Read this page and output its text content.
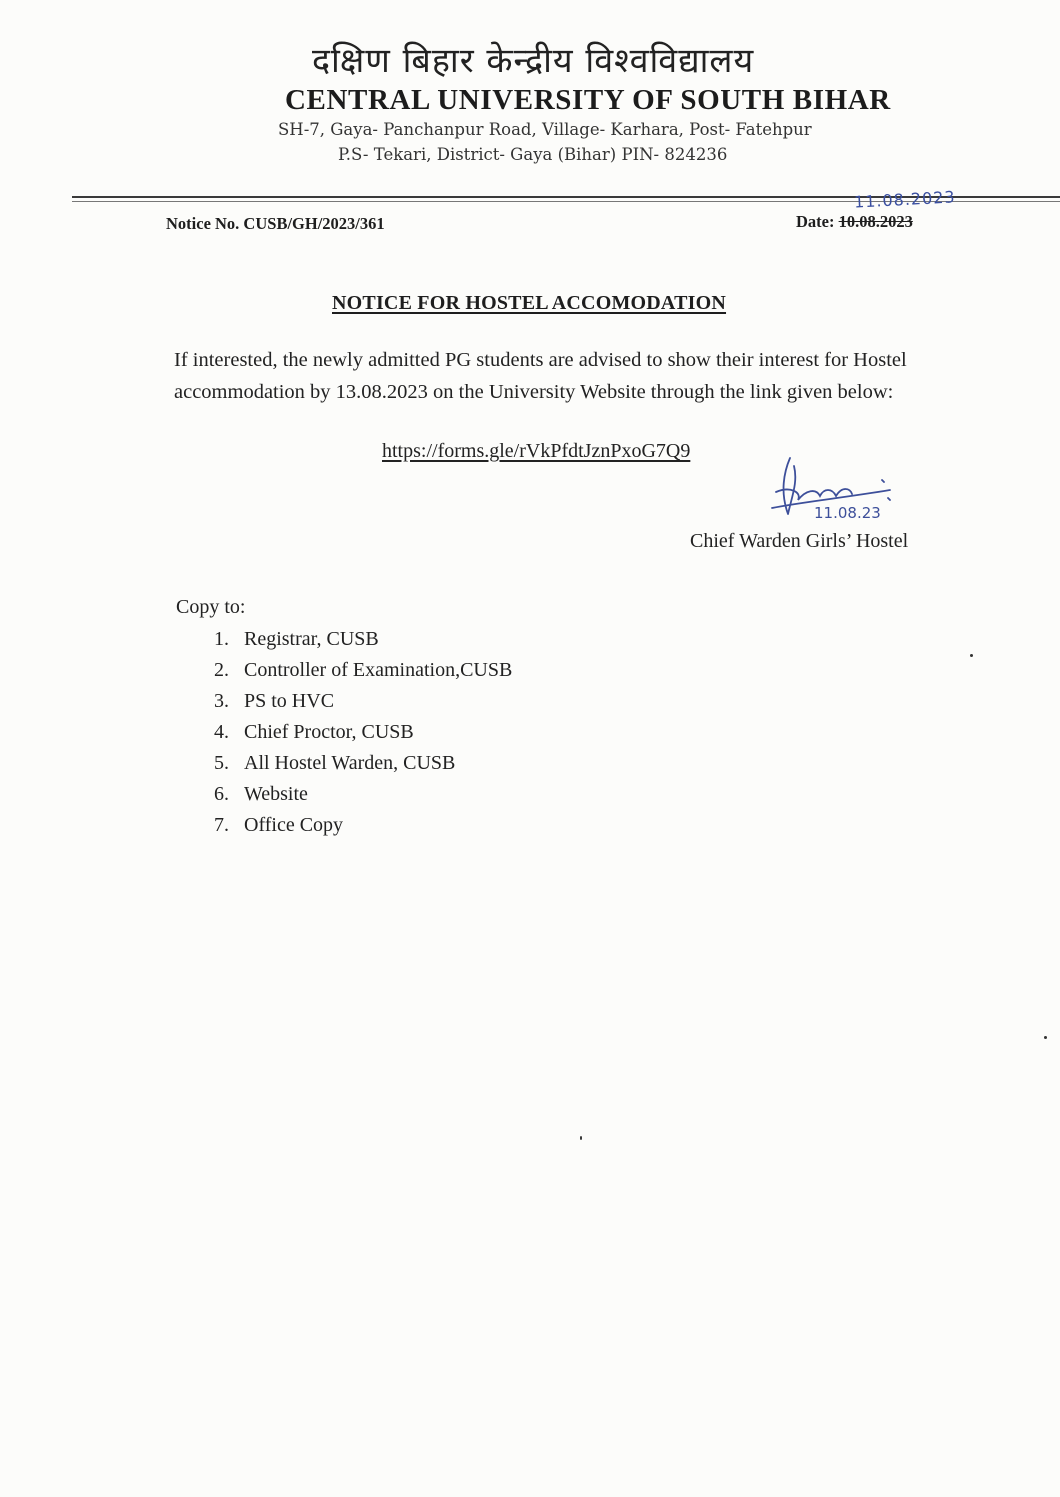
दक्षिण बिहार केन्द्रीय विश्वविद्यालय
CENTRAL UNIVERSITY OF SOUTH BIHAR
SH-7, Gaya- Panchanpur Road, Village- Karhara, Post- Fatehpur
P.S- Tekari, District- Gaya (Bihar) PIN- 824236
Notice No. CUSB/GH/2023/361
11.08.2023
Date: 10.08.2023
NOTICE FOR HOSTEL ACCOMODATION
If interested, the newly admitted PG students are advised to show their interest for Hostel accommodation by 13.08.2023 on the University Website through the link given below:
https://forms.gle/rVkPfdtJznPxoG7Q9
11.08.23
Chief Warden Girls’ Hostel
Copy to:
1. Registrar, CUSB
2. Controller of Examination,CUSB
3. PS to HVC
4. Chief Proctor, CUSB
5. All Hostel Warden, CUSB
6. Website
7. Office Copy
